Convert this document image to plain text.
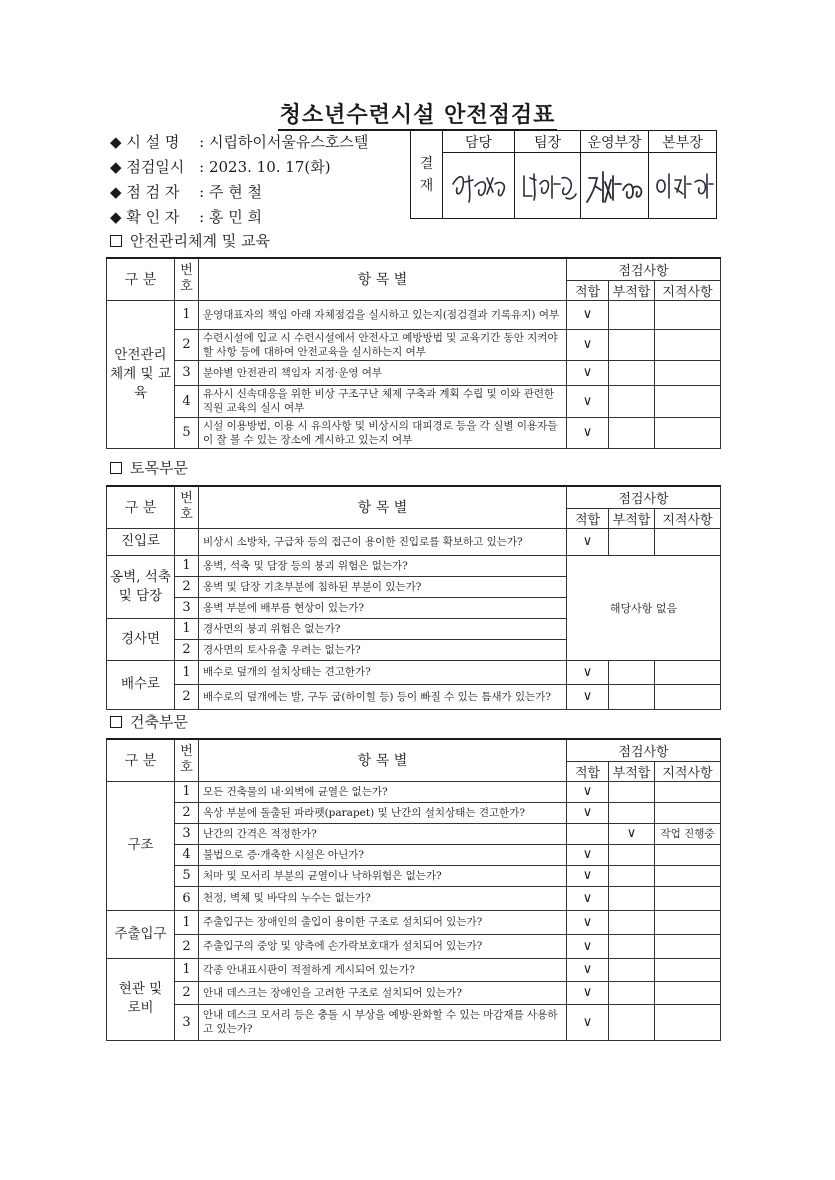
청소년수련시설 안전점검표
◆ 시 설 명 : 시립하이서울유스호스텔
◆ 점검일시 : 2023. 10. 17(화)
◆ 점 검 자 : 주 현 철
◆ 확 인 자 : 홍 민 희
결 재	담당	팀장	운영부장	본부장

안전관리체계 및 교육
구 분	번 호	항 목 별	점검사항		
			적합	부적합	지적사항
안전관리
체계 및 교육	1	운영대표자의 책임 아래 자체점검을 실시하고 있는지(점검결과 기록유지) 여부	∨		
	2	수련시설에 입교 시 수련시설에서 안전사고 예방방법 및 교육기간 동안 지켜야 할 사항 등에 대하여 안전교육을 실시하는지 여부	∨		
	3	분야별 안전관리 책임자 지정·운영 여부	∨		
	4	유사시 신속대응을 위한 비상 구조구난 체제 구축과 계획 수립 및 이와 관련한 직원 교육의 실시 여부	∨		
	5	시설 이용방법, 이용 시 유의사항 및 비상시의 대피경로 등을 각 실별 이용자들이 잘 볼 수 있는 장소에 게시하고 있는지 여부	∨		
토목부문
구 분	번 호	항 목 별	점검사항		
			적합	부적합	지적사항
진입로		비상시 소방차, 구급차 등의 접근이 용이한 진입로를 확보하고 있는가?	∨		
옹벽, 석축
및 담장	1	옹벽, 석축 및 담장 등의 붕괴 위험은 없는가?	해당사항 없음		
	2	옹벽 및 담장 기초부분에 침하된 부분이 있는가?			
	3	옹벽 부분에 배부름 현상이 있는가?			
경사면	1	경사면의 붕괴 위험은 없는가?			
	2	경사면의 토사유출 우려는 없는가?			
배수로	1	배수로 덮개의 설치상태는 견고한가?	∨		
	2	배수로의 덮개에는 발, 구두 굽(하이힐 등) 등이 빠질 수 있는 틈새가 있는가?	∨		
건축부문
구 분	번 호	항 목 별	점검사항		
			적합	부적합	지적사항
구조	1	모든 건축물의 내·외벽에 균열은 없는가?	∨		
	2	옥상 부분에 돌출된 파라펫(parapet) 및 난간의 설치상태는 견고한가?	∨		
	3	난간의 간격은 적정한가?		∨	작업 진행중
	4	불법으로 증·개축한 시설은 아닌가?	∨		
	5	처마 및 모서리 부분의 균열이나 낙하위험은 없는가?	∨		
	6	천정, 벽체 및 바닥의 누수는 없는가?	∨		
주출입구	1	주출입구는 장애인의 출입이 용이한 구조로 설치되어 있는가?	∨		
	2	주출입구의 중앙 및 양측에 손가락보호대가 설치되어 있는가?	∨		
현관 및
로비	1	각종 안내표시판이 적절하게 게시되어 있는가?	∨		
	2	안내 데스크는 장애인을 고려한 구조로 설치되어 있는가?	∨		
	3	안내 데스크 모서리 등은 충돌 시 부상을 예방·완화할 수 있는 마감재를 사용하고 있는가?	∨		
